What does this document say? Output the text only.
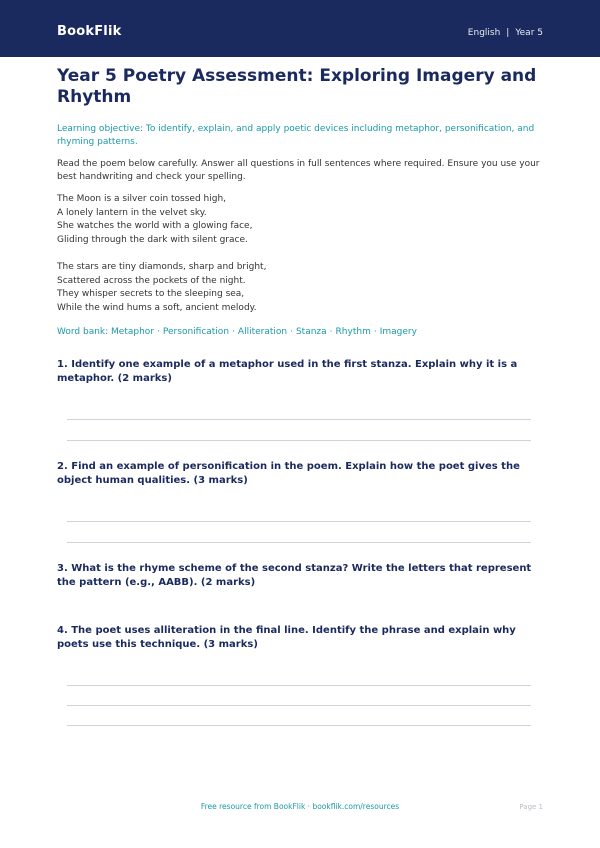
BookFlik	English | Year 5
Year 5 Poetry Assessment: Exploring Imagery and Rhythm

Learning objective: To identify, explain, and apply poetic devices including metaphor, personification, and rhyming patterns.

Read the poem below carefully. Answer all questions in full sentences where required. Ensure you use your best handwriting and check your spelling.

The Moon is a silver coin tossed high,
A lonely lantern in the velvet sky.
She watches the world with a glowing face,
Gliding through the dark with silent grace.
The stars are tiny diamonds, sharp and bright,
Scattered across the pockets of the night.
They whisper secrets to the sleeping sea,
While the wind hums a soft, ancient melody.
Word bank: Metaphor · Personification · Alliteration · Stanza · Rhythm · Imagery

1. Identify one example of a metaphor used in the first stanza. Explain why it is a metaphor. (2 marks)

2. Find an example of personification in the poem. Explain how the poet gives the object human qualities. (3 marks)

3. What is the rhyme scheme of the second stanza? Write the letters that represent the pattern (e.g., AABB). (2 marks)

4. The poet uses alliteration in the final line. Identify the phrase and explain why poets use this technique. (3 marks)

Free resource from BookFlik · bookflik.com/resources	Page 1
